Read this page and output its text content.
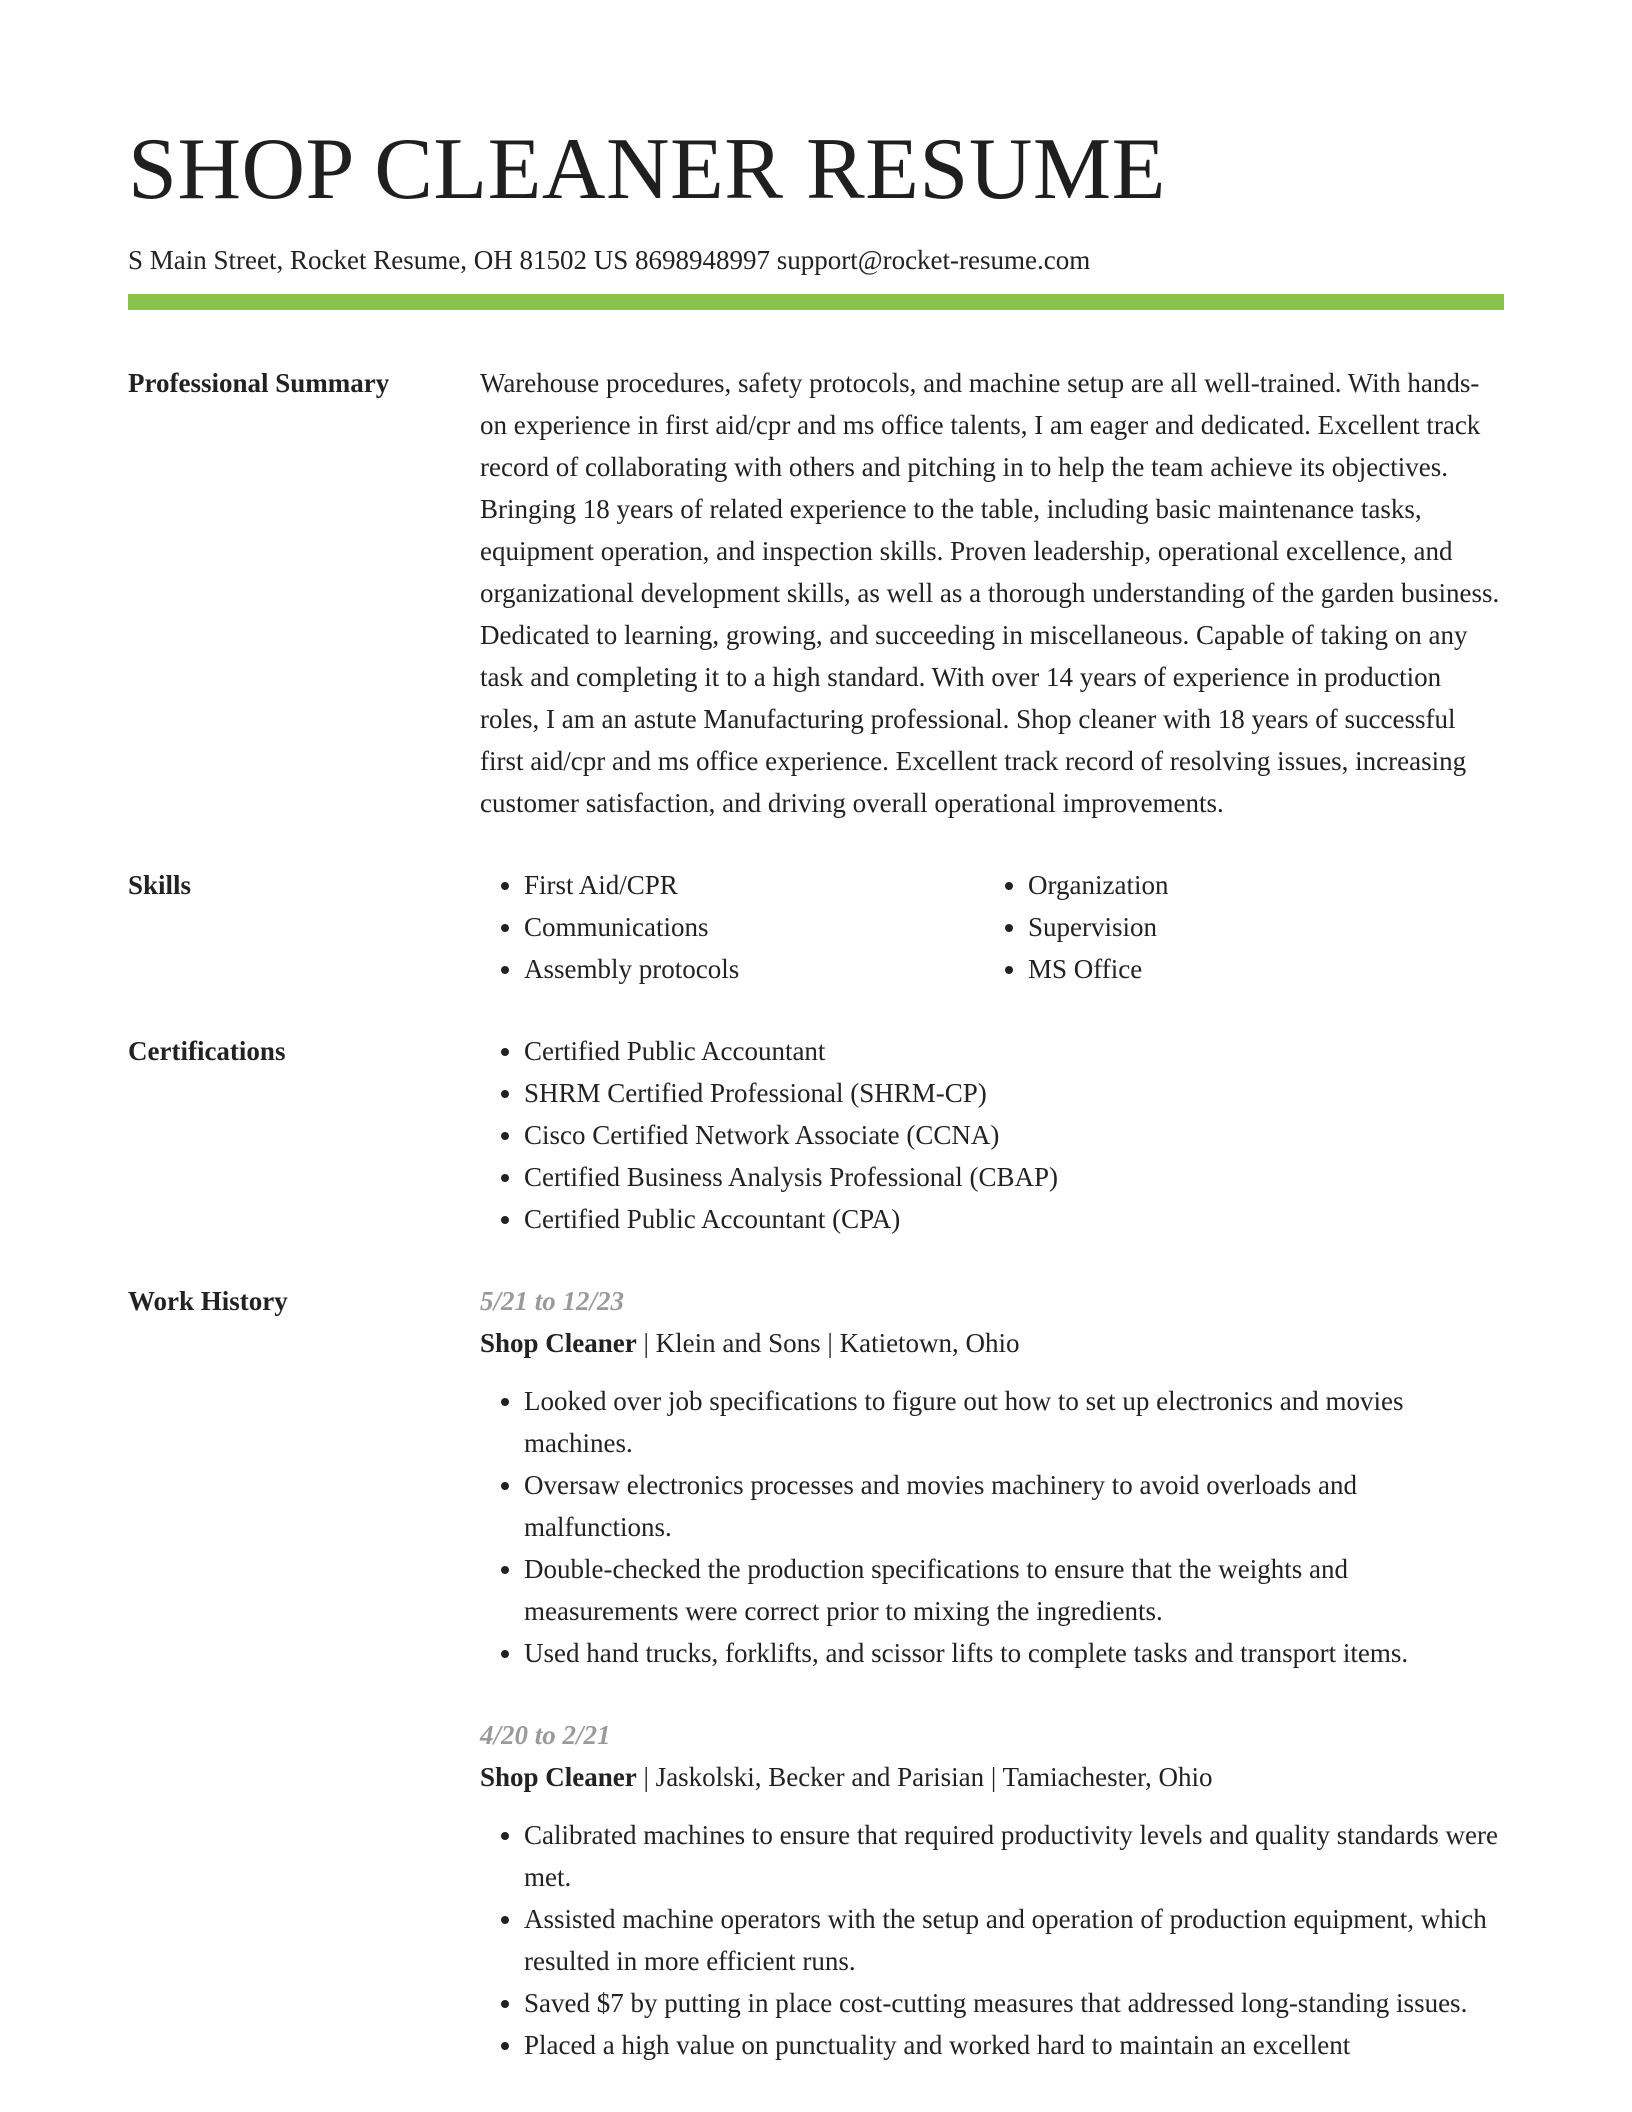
SHOP CLEANER RESUME
S Main Street, Rocket Resume, OH 81502 US 8698948997 support@rocket-resume.com
Professional Summary	Warehouse procedures, safety protocols, and machine setup are all well-trained. With hands-on experience in first aid/cpr and ms office talents, I am eager and dedicated. Excellent track record of collaborating with others and pitching in to help the team achieve its objectives. Bringing 18 years of related experience to the table, including basic maintenance tasks, equipment operation, and inspection skills. Proven leadership, operational excellence, and organizational development skills, as well as a thorough understanding of the garden business. Dedicated to learning, growing, and succeeding in miscellaneous. Capable of taking on any task and completing it to a high standard. With over 14 years of experience in production roles, I am an astute Manufacturing professional. Shop cleaner with 18 years of successful first aid/cpr and ms office experience. Excellent track record of resolving issues, increasing customer satisfaction, and driving overall operational improvements.

Skills	• First Aid/CPR
• Communications
• Assembly protocols
• Organization
• Supervision
• MS Office
Certifications	• Certified Public Accountant
• SHRM Certified Professional (SHRM-CP)
• Cisco Certified Network Associate (CCNA)
• Certified Business Analysis Professional (CBAP)
• Certified Public Accountant (CPA)
Work History	5/21 to 12/23
Shop Cleaner | Klein and Sons | Katietown, Ohio
• Looked over job specifications to figure out how to set up electronics and movies machines.
• Oversaw electronics processes and movies machinery to avoid overloads and malfunctions.
• Double-checked the production specifications to ensure that the weights and measurements were correct prior to mixing the ingredients.
• Used hand trucks, forklifts, and scissor lifts to complete tasks and transport items.
4/20 to 2/21
Shop Cleaner | Jaskolski, Becker and Parisian | Tamiachester, Ohio
• Calibrated machines to ensure that required productivity levels and quality standards were met.
• Assisted machine operators with the setup and operation of production equipment, which resulted in more efficient runs.
• Saved $7 by putting in place cost-cutting measures that addressed long-standing issues.
• Placed a high value on punctuality and worked hard to maintain an excellent
